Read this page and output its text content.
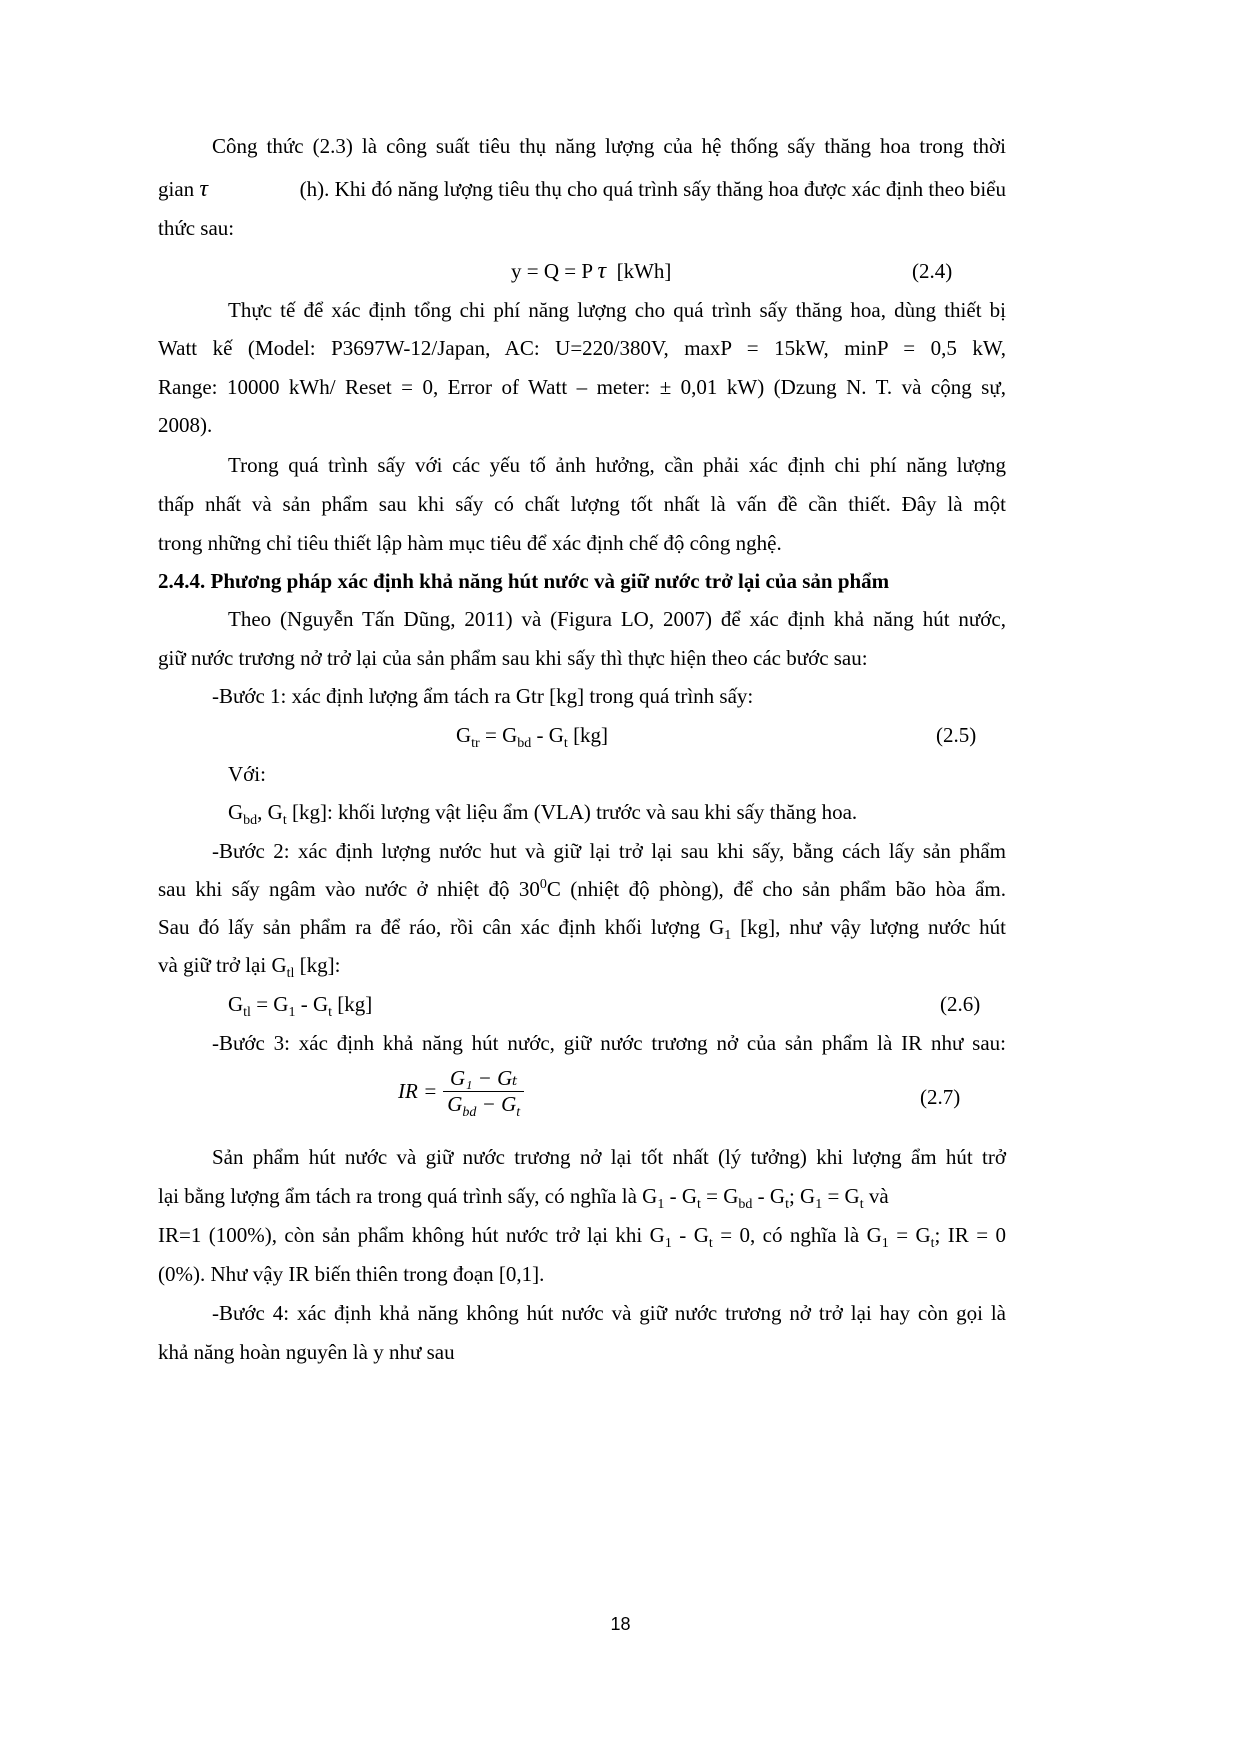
Công thức (2.3) là công suất tiêu thụ năng lượng của hệ thống sấy thăng hoa trong thời
gian τ	(h). Khi đó năng lượng tiêu thụ cho quá trình sấy thăng hoa được xác định theo biểu
thức sau:
y = Q = P τ [kWh]	(2.4)
Thực tế để xác định tổng chi phí năng lượng cho quá trình sấy thăng hoa, dùng thiết bị
Watt kế (Model: P3697W-12/Japan, AC: U=220/380V, maxP = 15kW, minP = 0,5 kW,
Range: 10000 kWh/ Reset = 0, Error of Watt – meter: ± 0,01 kW) (Dzung N. T. và cộng sự,
2008).
Trong quá trình sấy với các yếu tố ảnh hưởng, cần phải xác định chi phí năng lượng
thấp nhất và sản phẩm sau khi sấy có chất lượng tốt nhất là vấn đề cần thiết. Đây là một
trong những chỉ tiêu thiết lập hàm mục tiêu để xác định chế độ công nghệ.
2.4.4. Phương pháp xác định khả năng hút nước và giữ nước trở lại của sản phẩm
Theo (Nguyễn Tấn Dũng, 2011) và (Figura LO, 2007) để xác định khả năng hút nước,
giữ nước trương nở trở lại của sản phẩm sau khi sấy thì thực hiện theo các bước sau:
-Bước 1: xác định lượng ẩm tách ra Gtr [kg] trong quá trình sấy:
$G_{tr} = G_{bd} - G_t$ [kg]	(2.5)
Với:
$G_{bd}$, $G_t$ [kg]: khối lượng vật liệu ẩm (VLA) trước và sau khi sấy thăng hoa.
-Bước 2: xác định lượng nước hut và giữ lại trở lại sau khi sấy, bằng cách lấy sản phẩm
sau khi sấy ngâm vào nước ở nhiệt độ $30^0C$ (nhiệt độ phòng), để cho sản phẩm bão hòa ẩm.
Sau đó lấy sản phẩm ra để ráo, rồi cân xác định khối lượng $G_1$ [kg], như vậy lượng nước hút
và giữ trở lại $G_{tl}$ [kg]:
$G_{tl} = G_1 - G_t$ [kg]	(2.6)
-Bước 3: xác định khả năng hút nước, giữ nước trương nở của sản phẩm là IR như sau:
IR = $\frac{\text{G₁ − Gₜ}}{G_{bd} - G_t}$	(2.7)
Sản phẩm hút nước và giữ nước trương nở lại tốt nhất (lý tưởng) khi lượng ẩm hút trở
lại bằng lượng ẩm tách ra trong quá trình sấy, có nghĩa là $G_1 - G_t = G_{bd} - G_t$; $G_1 = G_t$ và
IR=1 (100%), còn sản phẩm không hút nước trở lại khi $G_1 - G_t = 0$, có nghĩa là $G_1 = G_t$; IR = 0
(0%). Như vậy IR biến thiên trong đoạn [0,1].
-Bước 4: xác định khả năng không hút nước và giữ nước trương nở trở lại hay còn gọi là
khả năng hoàn nguyên là y như sau
18
